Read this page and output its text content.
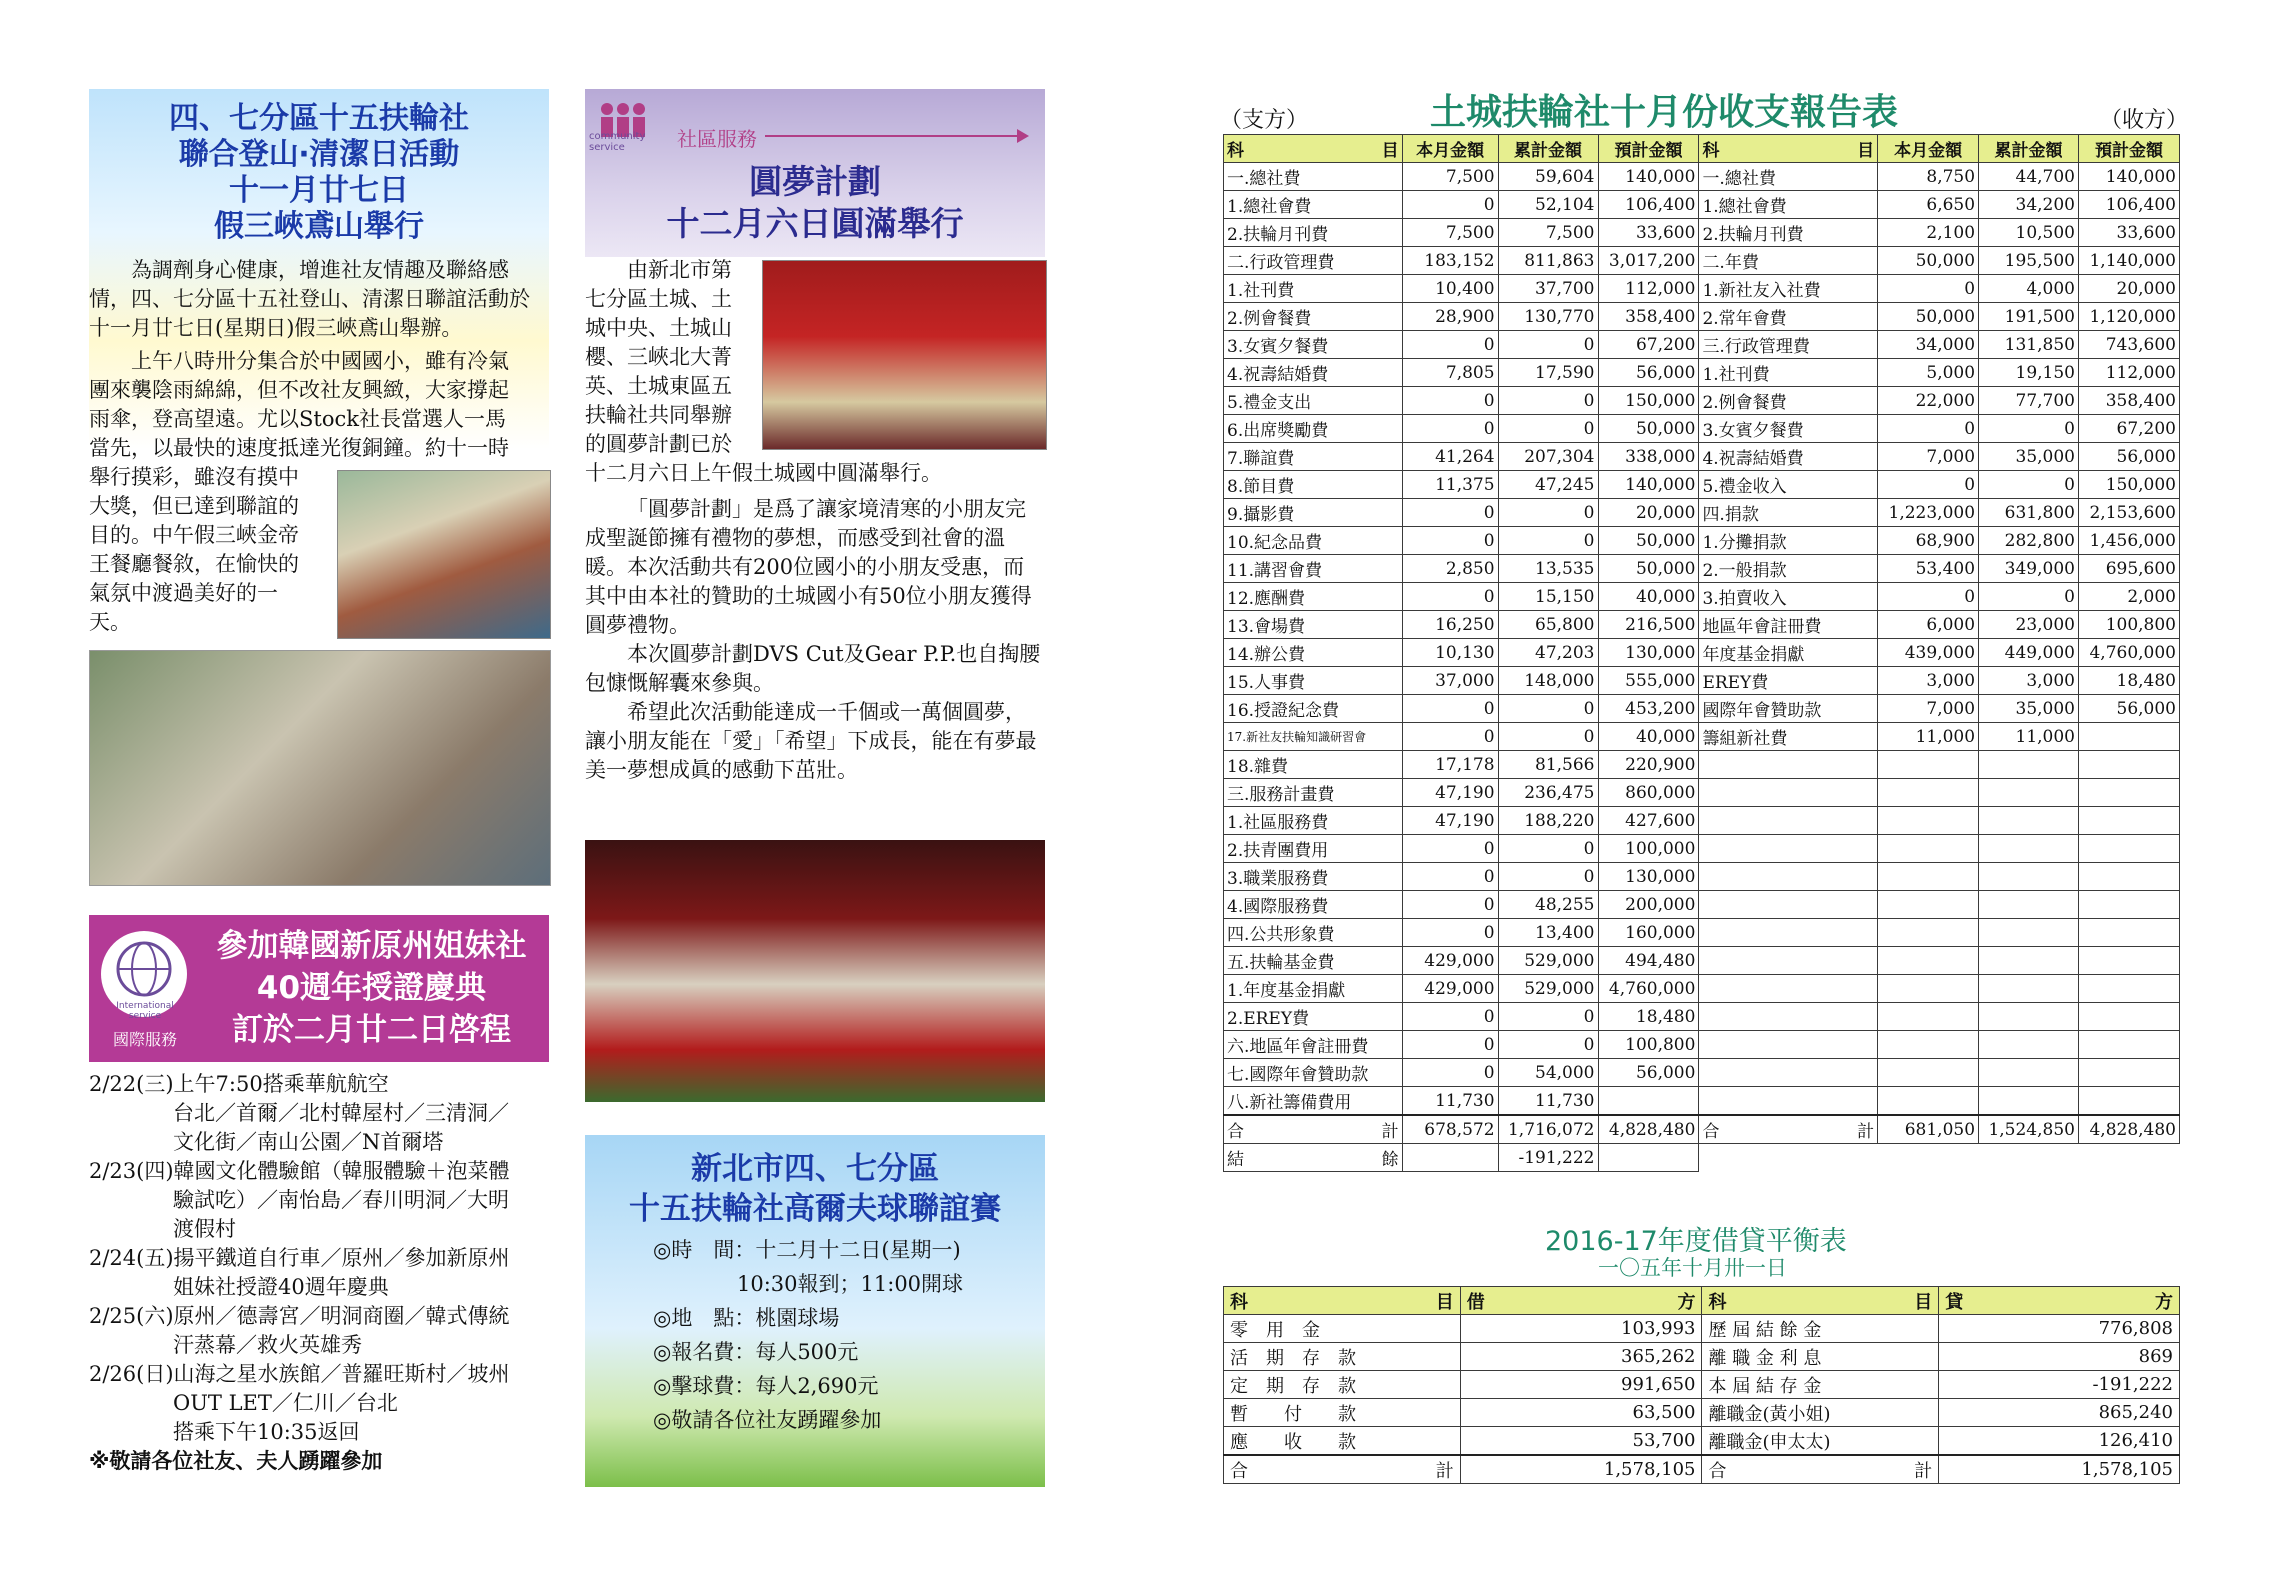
四、七分區十五扶輪社
聯合登山‧清潔日活動
十一月廿七日
假三峽鳶山舉行

為調劑身心健康，增進社友情趣及聯絡感情，四、七分區十五社登山、清潔日聯誼活動於十一月廿七日(星期日)假三峽鳶山舉辦。

上午八時卅分集合於中國國小，雖有冷氣
團來襲陰雨綿綿，但不改社友興緻，大家撐起
雨傘，登高望遠。尤以Stock社長當選人一馬
當先，以最快的速度抵達光復銅鐘。約十一時
舉行摸彩，雖沒有摸中
大獎，但已達到聯誼的
目的。中午假三峽金帝
王餐廳餐敘，在愉快的
氣氛中渡過美好的一
天。
International service
國際服務
參加韓國新原州姐妹社
40週年授證慶典
訂於二月廿二日啓程
2/22(三)上午7:50搭乘華航航空
　　　　台北／首爾／北村韓屋村／三清洞／
　　　　文化街／南山公園／N首爾塔
2/23(四)韓國文化體驗館（韓服體驗＋泡菜體
　　　　驗試吃）／南怡島／春川明洞／大明
　　　　渡假村
2/24(五)揚平鐵道自行車／原州／參加新原州
　　　　姐妹社授證40週年慶典
2/25(六)原州／德壽宮／明洞商圈／韓式傳統
　　　　汗蒸幕／救火英雄秀
2/26(日)山海之星水族館／普羅旺斯村／坡州
　　　　OUT LET／仁川／台北
　　　　搭乘下午10:35返回
※敬請各位社友、夫人踴躍參加
community service	社區服務
圓夢計劃
十二月六日圓滿舉行
由新北市第
七分區土城、土
城中央、土城山
櫻、三峽北大菁
英、土城東區五
扶輪社共同舉辦
的圓夢計劃已於
十二月六日上午假土城國中圓滿舉行。

「圓夢計劃」是爲了讓家境清寒的小朋友完成聖誕節擁有禮物的夢想，而感受到社會的溫暖。本次活動共有200位國小的小朋友受惠，而其中由本社的贊助的土城國小有50位小朋友獲得圓夢禮物。

本次圓夢計劃DVS Cut及Gear P.P.也自掏腰包慷慨解囊來參與。

希望此次活動能達成一千個或一萬個圓夢，讓小朋友能在「愛」「希望」下成長，能在有夢最美一夢想成眞的感動下茁壯。

新北市四、七分區
十五扶輪社高爾夫球聯誼賽
◎時　間：十二月十二日(星期一)
　　　　10:30報到；11:00開球
◎地　點：桃園球場
◎報名費：每人500元
◎擊球費：每人2,690元
◎敬請各位社友踴躍參加
（支方）	土城扶輪社十月份收支報告表	（收方）
科 目	本月金額	累計金額	預計金額	科 目	本月金額	累計金額	預計金額
一.總社費	7,500	59,604	140,000	一.總社費	8,750	44,700	140,000
1.總社會費	0	52,104	106,400	1.總社會費	6,650	34,200	106,400
2.扶輪月刊費	7,500	7,500	33,600	2.扶輪月刊費	2,100	10,500	33,600
二.行政管理費	183,152	811,863	3,017,200	二.年費	50,000	195,500	1,140,000
1.社刊費	10,400	37,700	112,000	1.新社友入社費	0	4,000	20,000
2.例會餐費	28,900	130,770	358,400	2.常年會費	50,000	191,500	1,120,000
3.女賓夕餐費	0	0	67,200	三.行政管理費	34,000	131,850	743,600
4.祝壽結婚費	7,805	17,590	56,000	1.社刊費	5,000	19,150	112,000
5.禮金支出	0	0	150,000	2.例會餐費	22,000	77,700	358,400
6.出席獎勵費	0	0	50,000	3.女賓夕餐費	0	0	67,200
7.聯誼費	41,264	207,304	338,000	4.祝壽結婚費	7,000	35,000	56,000
8.節目費	11,375	47,245	140,000	5.禮金收入	0	0	150,000
9.攝影費	0	0	20,000	四.捐款	1,223,000	631,800	2,153,600
10.紀念品費	0	0	50,000	1.分攤捐款	68,900	282,800	1,456,000
11.講習會費	2,850	13,535	50,000	2.一般捐款	53,400	349,000	695,600
12.應酬費	0	15,150	40,000	3.拍賣收入	0	0	2,000
13.會場費	16,250	65,800	216,500	地區年會註冊費	6,000	23,000	100,800
14.辦公費	10,130	47,203	130,000	年度基金捐獻	439,000	449,000	4,760,000
15.人事費	37,000	148,000	555,000	EREY費	3,000	3,000	18,480
16.授證紀念費	0	0	453,200	國際年會贊助款	7,000	35,000	56,000
17.新社友扶輪知識研習會	0	0	40,000	籌組新社費	11,000	11,000	
18.雜費	17,178	81,566	220,900				
三.服務計畫費	47,190	236,475	860,000				
1.社區服務費	47,190	188,220	427,600				
2.扶青團費用	0	0	100,000				
3.職業服務費	0	0	130,000				
4.國際服務費	0	48,255	200,000				
四.公共形象費	0	13,400	160,000				
五.扶輪基金費	429,000	529,000	494,480				
1.年度基金捐獻	429,000	529,000	4,760,000				
2.EREY費	0	0	18,480				
六.地區年會註冊費	0	0	100,800				
七.國際年會贊助款	0	54,000	56,000				
八.新社籌備費用	11,730	11,730					
合 計	678,572	1,716,072	4,828,480	合 計	681,050	1,524,850	4,828,480
結 餘		-191,222					
2016-17年度借貸平衡表
一〇五年十月卅一日
科 目	借 方	科 目	貸 方

零　用　金	103,993	歷 屆 結 餘 金	776,808
活　期　存　款	365,262	離 職 金 利 息	869
定　期　存　款	991,650	本 屆 結 存 金	-191,222
暫　　付　　款	63,500	離職金(黃小姐)	865,240
應　　收　　款	53,700	離職金(申太太)	126,410
合 計	1,578,105	合 計	1,578,105
